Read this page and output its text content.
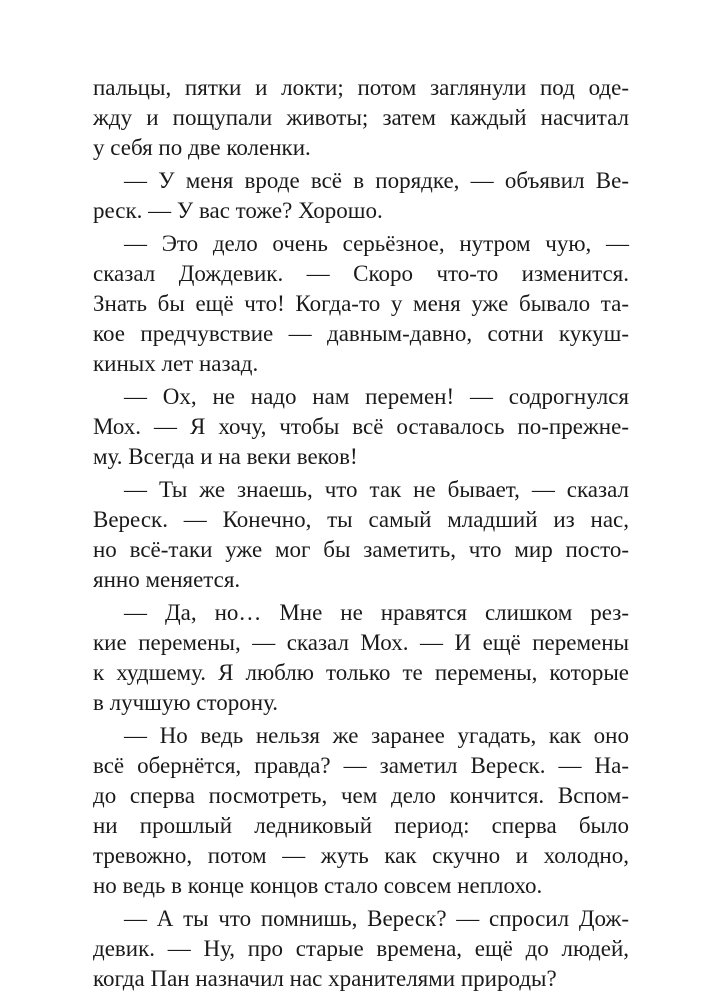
пальцы, пятки и локти; потом заглянули под оде-
жду и пощупали животы; затем каждый насчитал
у себя по две коленки.
— У меня вроде всё в порядке, — объявил Ве-
реск. — У вас тоже? Хорошо.
— Это дело очень серьёзное, нутром чую, —
сказал Дождевик. — Скоро что-то изменится.
Знать бы ещё что! Когда-то у меня уже бывало та-
кое предчувствие — давным-давно, сотни кукуш-
киных лет назад.
— Ох, не надо нам перемен! — содрогнулся
Мох. — Я хочу, чтобы всё оставалось по-прежне-
му. Всегда и на веки веков!
— Ты же знаешь, что так не бывает, — сказал
Вереск. — Конечно, ты самый младший из нас,
но всё-таки уже мог бы заметить, что мир посто-
янно меняется.
— Да, но… Мне не нравятся слишком рез-
кие перемены, — сказал Мох. — И ещё перемены
к худшему. Я люблю только те перемены, которые
в лучшую сторону.
— Но ведь нельзя же заранее угадать, как оно
всё обернётся, правда? — заметил Вереск. — На-
до сперва посмотреть, чем дело кончится. Вспом-
ни прошлый ледниковый период: сперва было
тревожно, потом — жуть как скучно и холодно,
но ведь в конце концов стало совсем неплохо.
— А ты что помнишь, Вереск? — спросил Дож-
девик. — Ну, про старые времена, ещё до людей,
когда Пан назначил нас хранителями природы?
